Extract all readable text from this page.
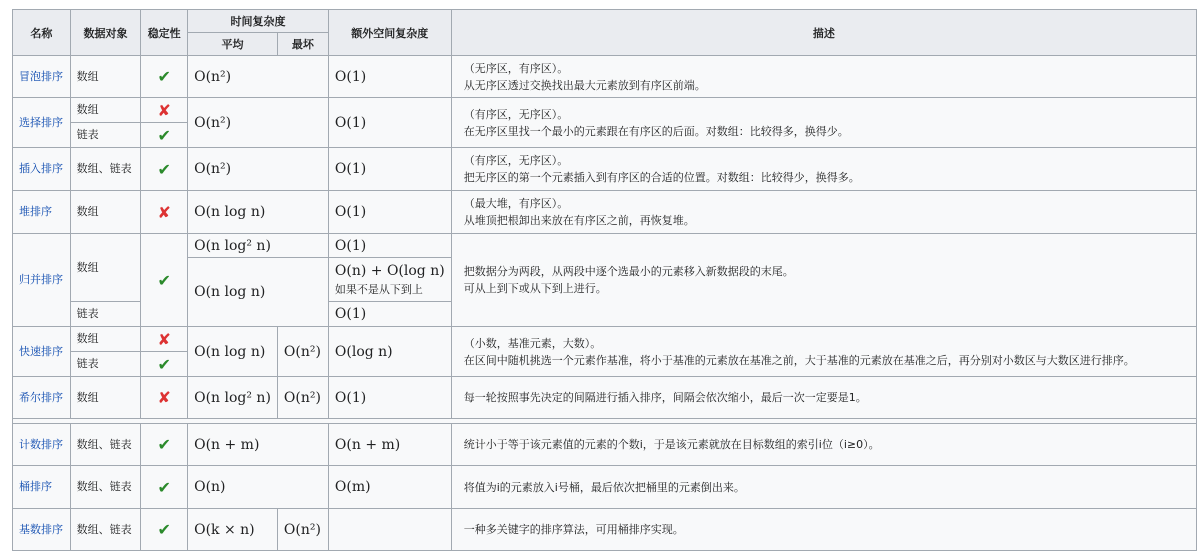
名称	数据对象	稳定性	时间复杂度		额外空间复杂度	描述
			平均	最坏		
冒泡排序	数组	✔	O(n²)		O(1)	（无序区，有序区）。
从无序区透过交换找出最大元素放到有序区前端。

选择排序	数组	✘	O(n²)		O(1)	（有序区，无序区）。
在无序区里找一个最小的元素跟在有序区的后面。对数组：比较得多，换得少。

	链表	✔				
插入排序	数组、链表	✔	O(n²)		O(1)	（有序区，无序区）。
把无序区的第一个元素插入到有序区的合适的位置。对数组：比较得少，换得多。

堆排序	数组	✘	O(n log n)		O(1)	（最大堆，有序区）。
从堆顶把根卸出来放在有序区之前，再恢复堆。

归并排序	数组	✔	O(n log² n)		O(1)	把数据分为两段，从两段中逐个选最小的元素移入新数据段的末尾。
可从上到下或从下到上进行。

			O(n log n)		O(n) + O(log n)
如果不是从下到上	

	链表				O(1)	
快速排序	数组	✘	O(n log n)	O(n²)	O(log n)	（小数，基准元素，大数）。
在区间中随机挑选一个元素作基准，将小于基准的元素放在基准之前，大于基准的元素放在基准之后，再分别对小数区与大数区进行排序。

	链表	✔				
希尔排序	数组	✘	O(n log² n)	O(n²)	O(1)	每一轮按照事先决定的间隔进行插入排序，间隔会依次缩小，最后一次一定要是1。

计数排序	数组、链表	✔	O(n + m)		O(n + m)	统计小于等于该元素值的元素的个数i，于是该元素就放在目标数组的索引i位（i≥0）。
桶排序	数组、链表	✔	O(n)		O(m)	将值为i的元素放入i号桶，最后依次把桶里的元素倒出来。
基数排序	数组、链表	✔	O(k × n)	O(n²)		一种多关键字的排序算法，可用桶排序实现。
